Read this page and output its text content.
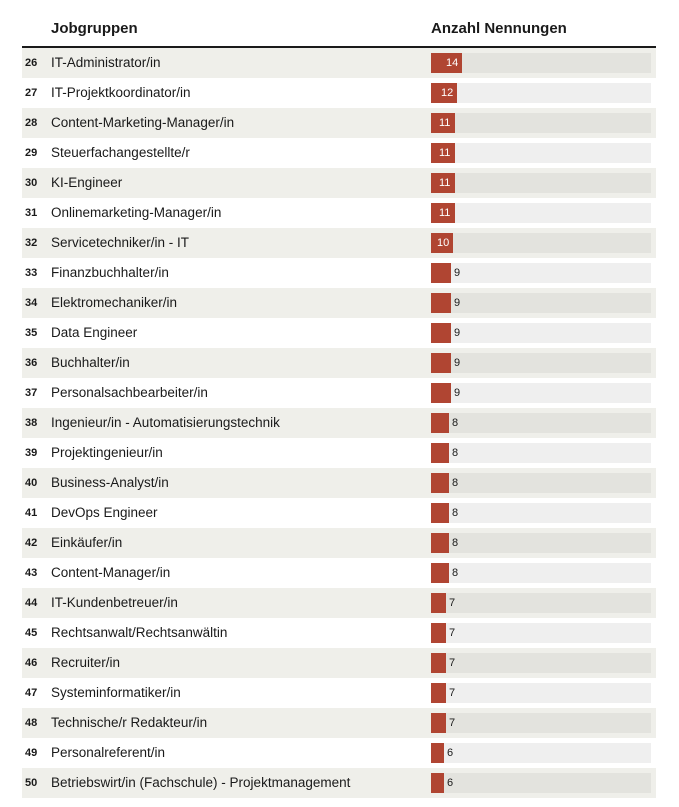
Jobgruppen	Anzahl Nennungen
26 IT-Administrator/in	14
27 IT-Projektkoordinator/in	12
28 Content-Marketing-Manager/in	11
29 Steuerfachangestellte/r	11
30 KI-Engineer	11
31 Onlinemarketing-Manager/in	11
32 Servicetechniker/in - IT	10
33 Finanzbuchhalter/in	9
34 Elektromechaniker/in	9
35 Data Engineer	9
36 Buchhalter/in	9
37 Personalsachbearbeiter/in	9
38 Ingenieur/in - Automatisierungstechnik	8
39 Projektingenieur/in	8
40 Business-Analyst/in	8
41 DevOps Engineer	8
42 Einkäufer/in	8
43 Content-Manager/in	8
44 IT-Kundenbetreuer/in	7
45 Rechtsanwalt/Rechtsanwältin	7
46 Recruiter/in	7
47 Systeminformatiker/in	7
48 Technische/r Redakteur/in	7
49 Personalreferent/in	6
50 Betriebswirt/in (Fachschule) - Projektmanagement	6
